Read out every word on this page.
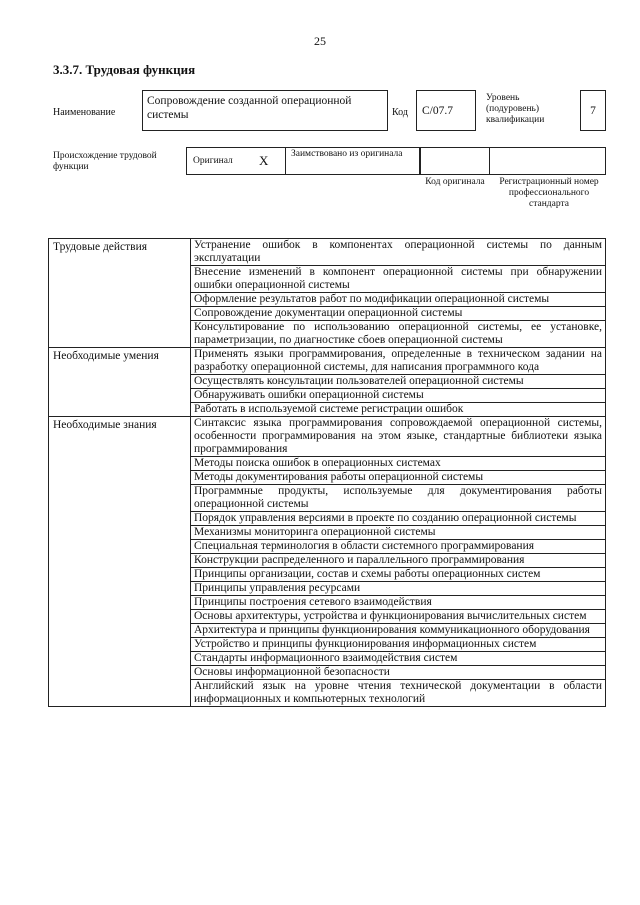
25
3.3.7. Трудовая функция
Наименование
Сопровождение созданной операционной системы	Код	С/07.7
Уровень (подуровень) квалификации
7
Происхождение трудовой функции
Оригинал X Заимствовано из оригинала
Код оригинала	Регистрационный номер профессионального стандарта
Трудовые действия	Устранение ошибок в компонентах операционной системы по данным эксплуатации
	Внесение изменений в компонент операционной системы при обнаружении ошибки операционной системы
	Оформление результатов работ по модификации операционной системы
	Сопровождение документации операционной системы
	Консультирование по использованию операционной системы, ее установке, параметризации, по диагностике сбоев операционной системы
Необходимые умения	Применять языки программирования, определенные в техническом задании на разработку операционной системы, для написания программного кода
	Осуществлять консультации пользователей операционной системы
	Обнаруживать ошибки операционной системы
	Работать в используемой системе регистрации ошибок
Необходимые знания	Синтаксис языка программирования сопровождаемой операционной системы, особенности программирования на этом языке, стандартные библиотеки языка программирования
	Методы поиска ошибок в операционных системах
	Методы документирования работы операционной системы
	Программные продукты, используемые для документирования работы операционной системы
	Порядок управления версиями в проекте по созданию операционной системы
	Механизмы мониторинга операционной системы
	Специальная терминология в области системного программирования
	Конструкции распределенного и параллельного программирования
	Принципы организации, состав и схемы работы операционных систем
	Принципы управления ресурсами
	Принципы построения сетевого взаимодействия
	Основы архитектуры, устройства и функционирования вычислительных систем
	Архитектура и принципы функционирования коммуникационного оборудования
	Устройство и принципы функционирования информационных систем
	Стандарты информационного взаимодействия систем
	Основы информационной безопасности
	Английский язык на уровне чтения технической документации в области информационных и компьютерных технологий
